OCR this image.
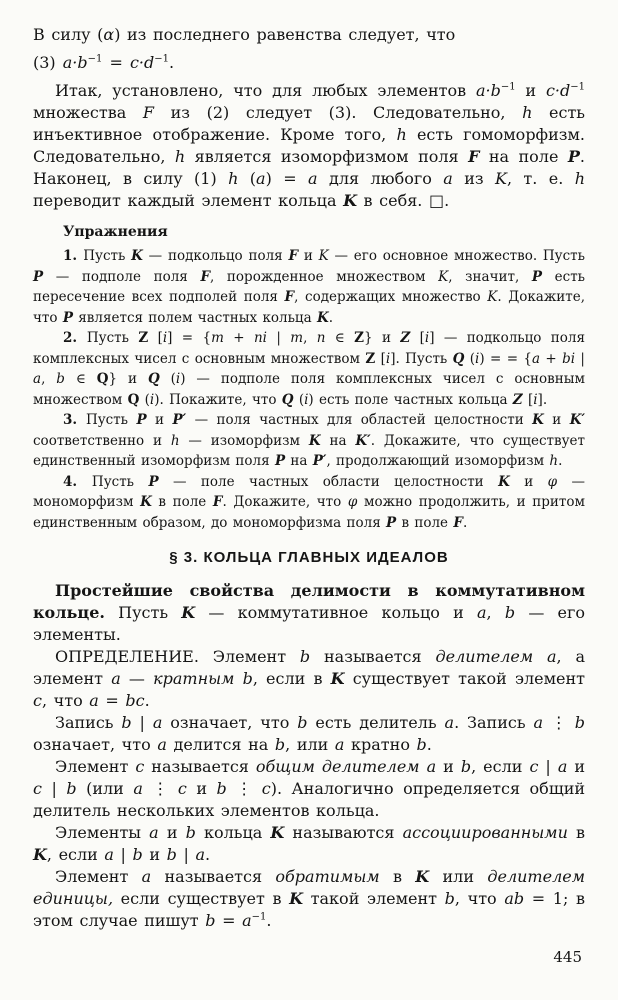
В силу (α) из последнего равенства следует, что

(3) $a\cdot b^{-1} = c\cdot d^{-1}$.

Итак, установлено, что для любых элементов $a\cdot b^{-1}$ и $c\cdot d^{-1}$ множества F из (2) следует (3). Следовательно, h есть инъективное отображение. Кроме того, h есть гомоморфизм. Следовательно, h является изоморфизмом поля F на поле P. Наконец, в силу (1) h (a) = a для любого a из K, т. е. h переводит каждый элемент кольца K в себя. □.

Упражнения

1. Пусть K — подкольцо поля F и K — его основное множество. Пусть P — подполе поля F, порожденное множеством K, значит, P есть пересечение всех подполей поля F, содержащих множество K. Докажите, что P является полем частных кольца K.

2. Пусть Z [i] = {m + ni | m, n ∈ Z} и Z [i] — подкольцо поля комплексных чисел с основным множеством Z [i]. Пусть Q (i) = = {a + bi | a, b ∈ Q} и Q (i) — подполе поля комплексных чисел с основным множеством Q (i). Покажите, что Q (i) есть поле частных кольца Z [i].

3. Пусть P и P′ — поля частных для областей целостности K и K′ соответственно и h — изоморфизм K на K′. Докажите, что существует единственный изоморфизм поля P на P′, продолжающий изоморфизм h.

4. Пусть P — поле частных области целостности K и φ — мономорфизм K в поле F. Докажите, что φ можно продолжить, и притом единственным образом, до мономорфизма поля P в поле F.

§ 3. КОЛЬЦА ГЛАВНЫХ ИДЕАЛОВ

Простейшие свойства делимости в коммутативном кольце. Пусть K — коммутативное кольцо и a, b — его элементы.

ОПРЕДЕЛЕНИЕ. Элемент b называется делителем a, а элемент a — кратным b, если в K существует такой элемент c, что a = bc.

Запись b | a означает, что b есть делитель a. Запись a ⋮ b означает, что a делится на b, или a кратно b.

Элемент c называется общим делителем a и b, если c | a и c | b (или a ⋮ c и b ⋮ c). Аналогично определяется общий делитель нескольких элементов кольца.

Элементы a и b кольца K называются ассоциированными в K, если a | b и b | a.

Элемент a называется обратимым в K или делителем единицы, если существует в K такой элемент b, что ab = 1; в этом случае пишут $b = a^{-1}$.

445
